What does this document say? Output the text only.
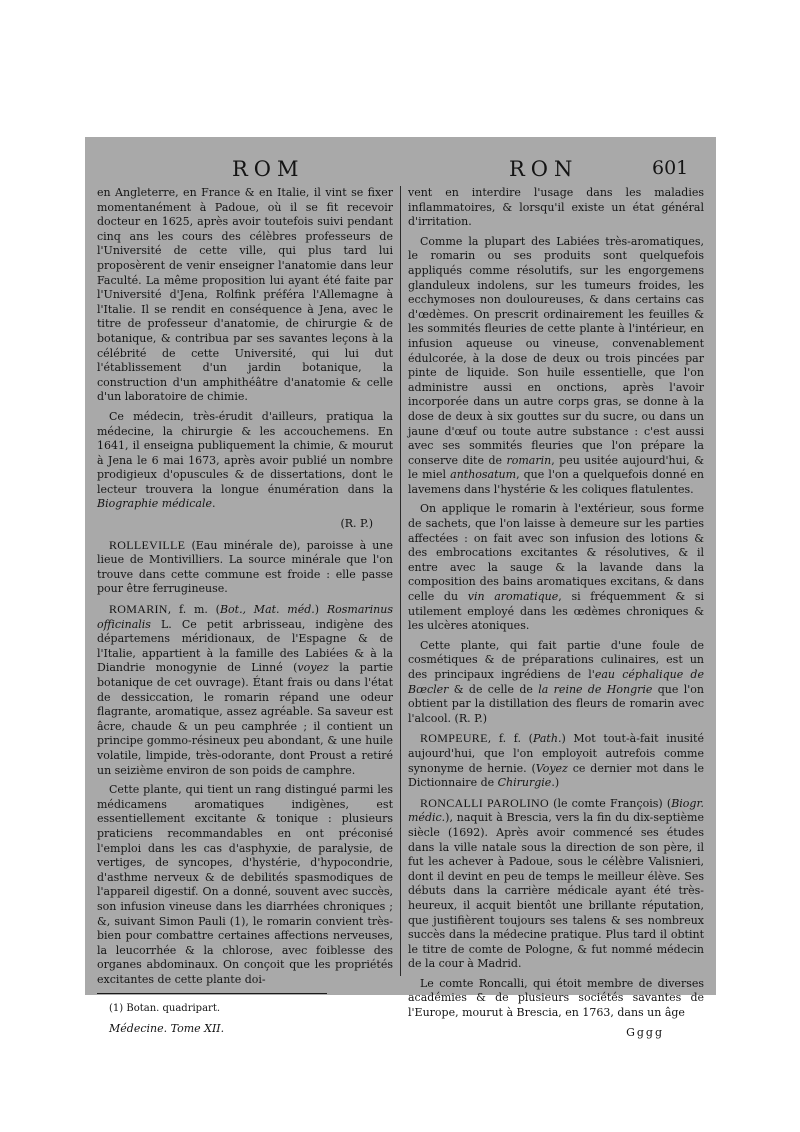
ROM	RON	601

en Angleterre, en France & en Italie, il vint se fixer momentanément à Padoue, où il se fit recevoir docteur en 1625, après avoir toutefois suivi pendant cinq ans les cours des célèbres professeurs de l'Université de cette ville, qui plus tard lui proposèrent de venir enseigner l'anatomie dans leur Faculté. La même proposition lui ayant été faite par l'Université d'Jena, Rolfink préféra l'Allemagne à l'Italie. Il se rendit en conséquence à Jena, avec le titre de professeur d'anatomie, de chirurgie & de botanique, & contribua par ses savantes leçons à la célébrité de cette Université, qui lui dut l'établissement d'un jardin botanique, la construction d'un amphithéâtre d'anatomie & celle d'un laboratoire de chimie.

Ce médecin, très-érudit d'ailleurs, pratiqua la médecine, la chirurgie & les accouchemens. En 1641, il enseigna publiquement la chimie, & mourut à Jena le 6 mai 1673, après avoir publié un nombre prodigieux d'opuscules & de dissertations, dont le lecteur trouvera la longue énumération dans la Biographie médicale.

(R. P.)

ROLLEVILLE (Eau minérale de), paroisse à une lieue de Montivilliers. La source minérale que l'on trouve dans cette commune est froide : elle passe pour être ferrugineuse.

ROMARIN, f. m. (Bot., Mat. méd.) Rosmarinus officinalis L. Ce petit arbrisseau, indigène des départemens méridionaux, de l'Espagne & de l'Italie, appartient à la famille des Labiées & à la Diandrie monogynie de Linné (voyez la partie botanique de cet ouvrage). Étant frais ou dans l'état de dessiccation, le romarin répand une odeur flagrante, aromatique, assez agréable. Sa saveur est âcre, chaude & un peu camphrée ; il contient un principe gommo-résineux peu abondant, & une huile volatile, limpide, très-odorante, dont Proust a retiré un seizième environ de son poids de camphre.

Cette plante, qui tient un rang distingué parmi les médicamens aromatiques indigènes, est essentiellement excitante & tonique : plusieurs praticiens recommandables en ont préconisé l'emploi dans les cas d'asphyxie, de paralysie, de vertiges, de syncopes, d'hystérie, d'hypocondrie, d'asthme nerveux & de debilités spasmodiques de l'appareil digestif. On a donné, souvent avec succès, son infusion vineuse dans les diarrhées chroniques ; &, suivant Simon Pauli (1), le romarin convient très-bien pour combattre certaines affections nerveuses, la leucorrhée & la chlorose, avec foiblesse des organes abdominaux. On conçoit que les propriétés excitantes de cette plante doi-

(1) Botan. quadripart.

Médecine. Tome XII.

vent en interdire l'usage dans les maladies inflammatoires, & lorsqu'il existe un état général d'irritation.

Comme la plupart des Labiées très-aromatiques, le romarin ou ses produits sont quelquefois appliqués comme résolutifs, sur les engorgemens glanduleux indolens, sur les tumeurs froides, les ecchymoses non douloureuses, & dans certains cas d'œdèmes. On prescrit ordinairement les feuilles & les sommités fleuries de cette plante à l'intérieur, en infusion aqueuse ou vineuse, convenablement édulcorée, à la dose de deux ou trois pincées par pinte de liquide. Son huile essentielle, que l'on administre aussi en onctions, après l'avoir incorporée dans un autre corps gras, se donne à la dose de deux à six gouttes sur du sucre, ou dans un jaune d'œuf ou toute autre substance : c'est aussi avec ses sommités fleuries que l'on prépare la conserve dite de romarin, peu usitée aujourd'hui, & le miel anthosatum, que l'on a quelquefois donné en lavemens dans l'hystérie & les coliques flatulentes.

On applique le romarin à l'extérieur, sous forme de sachets, que l'on laisse à demeure sur les parties affectées : on fait avec son infusion des lotions & des embrocations excitantes & résolutives, & il entre avec la sauge & la lavande dans la composition des bains aromatiques excitans, & dans celle du vin aromatique, si fréquemment & si utilement employé dans les œdèmes chroniques & les ulcères atoniques.

Cette plante, qui fait partie d'une foule de cosmétiques & de préparations culinaires, est un des principaux ingrédiens de l'eau céphalique de Bœcler & de celle de la reine de Hongrie que l'on obtient par la distillation des fleurs de romarin avec l'alcool. (R. P.)

ROMPEURE, f. f. (Path.) Mot tout-à-fait inusité aujourd'hui, que l'on employoit autrefois comme synonyme de hernie. (Voyez ce dernier mot dans le Dictionnaire de Chirurgie.)

RONCALLI PAROLINO (le comte François) (Biogr. médic.), naquit à Brescia, vers la fin du dix-septième siècle (1692). Après avoir commencé ses études dans la ville natale sous la direction de son père, il fut les achever à Padoue, sous le célèbre Valisnieri, dont il devint en peu de temps le meilleur élève. Ses débuts dans la carrière médicale ayant été très-heureux, il acquit bientôt une brillante réputation, que justifièrent toujours ses talens & ses nombreux succès dans la médecine pratique. Plus tard il obtint le titre de comte de Pologne, & fut nommé médecin de la cour à Madrid.

Le comte Roncalli, qui étoit membre de diverses académies & de plusieurs sociétés savantes de l'Europe, mourut à Brescia, en 1763, dans un âge

Gggg
